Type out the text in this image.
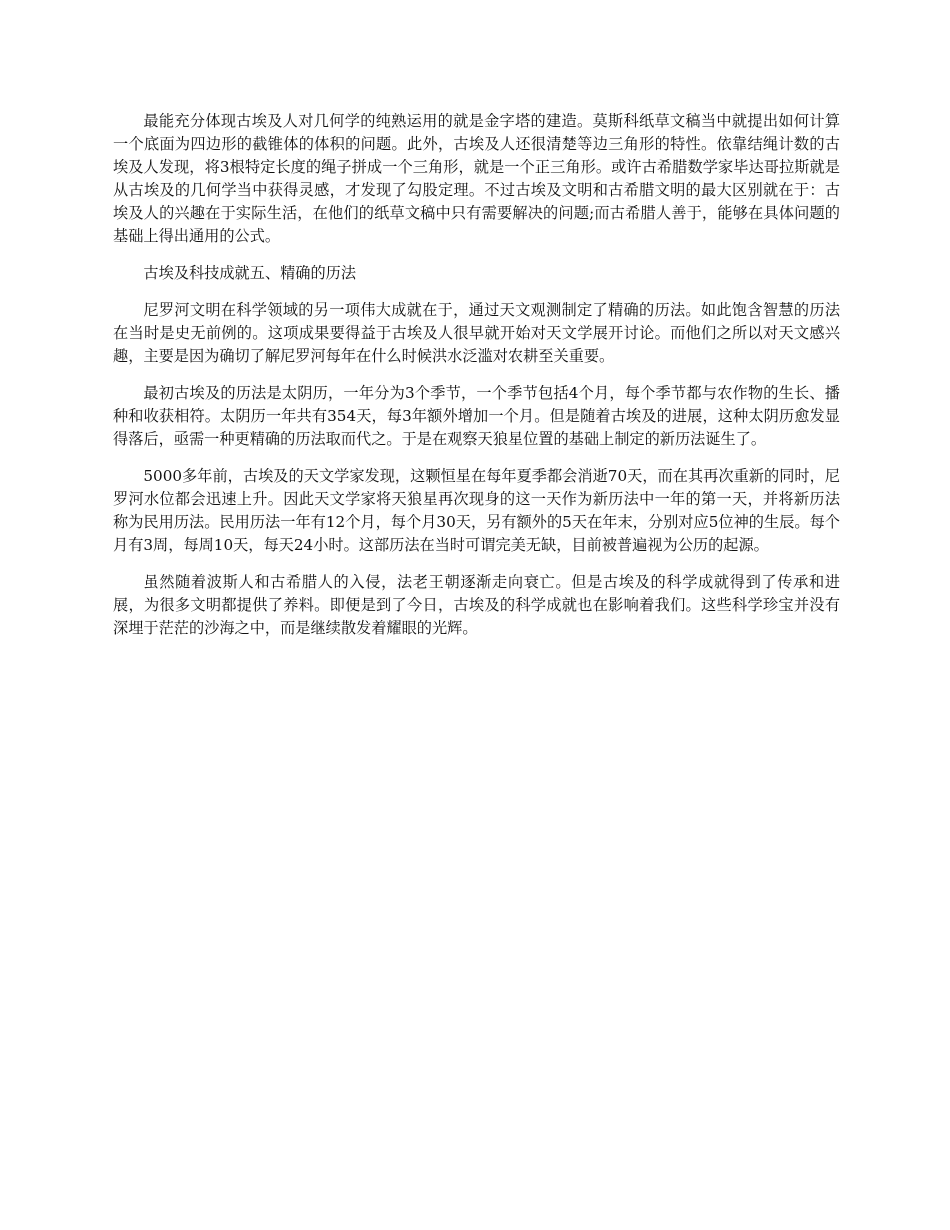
最能充分体现古埃及人对几何学的纯熟运用的就是金字塔的建造。莫斯科纸草文稿当中就提出如何计算一个底面为四边形的截锥体的体积的问题。此外，古埃及人还很清楚等边三角形的特性。依靠结绳计数的古埃及人发现，将3根特定长度的绳子拼成一个三角形，就是一个正三角形。或许古希腊数学家毕达哥拉斯就是从古埃及的几何学当中获得灵感，才发现了勾股定理。不过古埃及文明和古希腊文明的最大区别就在于：古埃及人的兴趣在于实际生活，在他们的纸草文稿中只有需要解决的问题;而古希腊人善于，能够在具体问题的基础上得出通用的公式。

古埃及科技成就五、精确的历法

尼罗河文明在科学领域的另一项伟大成就在于，通过天文观测制定了精确的历法。如此饱含智慧的历法在当时是史无前例的。这项成果要得益于古埃及人很早就开始对天文学展开讨论。而他们之所以对天文感兴趣，主要是因为确切了解尼罗河每年在什么时候洪水泛滥对农耕至关重要。

最初古埃及的历法是太阴历，一年分为3个季节，一个季节包括4个月，每个季节都与农作物的生长、播种和收获相符。太阴历一年共有354天，每3年额外增加一个月。但是随着古埃及的进展，这种太阴历愈发显得落后，亟需一种更精确的历法取而代之。于是在观察天狼星位置的基础上制定的新历法诞生了。

5000多年前，古埃及的天文学家发现，这颗恒星在每年夏季都会消逝70天，而在其再次重新的同时，尼罗河水位都会迅速上升。因此天文学家将天狼星再次现身的这一天作为新历法中一年的第一天，并将新历法称为民用历法。民用历法一年有12个月，每个月30天，另有额外的5天在年末，分别对应5位神的生辰。每个月有3周，每周10天，每天24小时。这部历法在当时可谓完美无缺，目前被普遍视为公历的起源。

虽然随着波斯人和古希腊人的入侵，法老王朝逐渐走向衰亡。但是古埃及的科学成就得到了传承和进展，为很多文明都提供了养料。即便是到了今日，古埃及的科学成就也在影响着我们。这些科学珍宝并没有深埋于茫茫的沙海之中，而是继续散发着耀眼的光辉。
